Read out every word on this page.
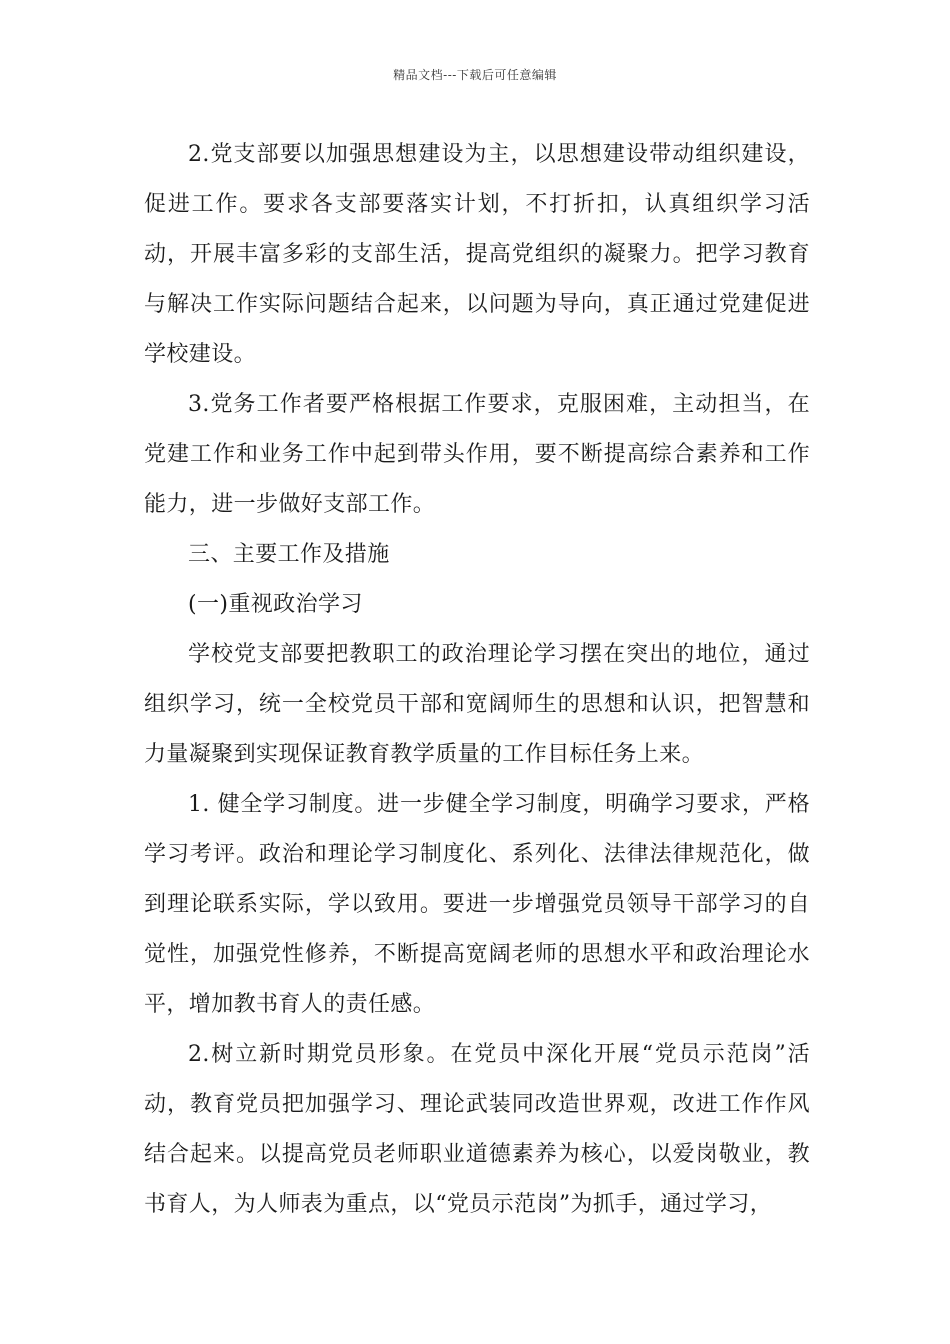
精品文档---下载后可任意编辑

2.党支部要以加强思想建设为主，以思想建设带动组织建设，促进工作。要求各支部要落实计划，不打折扣，认真组织学习活动，开展丰富多彩的支部生活，提高党组织的凝聚力。把学习教育与解决工作实际问题结合起来，以问题为导向，真正通过党建促进学校建设。

3.党务工作者要严格根据工作要求，克服困难，主动担当，在党建工作和业务工作中起到带头作用，要不断提高综合素养和工作能力，进一步做好支部工作。

三、主要工作及措施

(一)重视政治学习

学校党支部要把教职工的政治理论学习摆在突出的地位，通过组织学习，统一全校党员干部和宽阔师生的思想和认识，把智慧和力量凝聚到实现保证教育教学质量的工作目标任务上来。

1. 健全学习制度。进一步健全学习制度，明确学习要求，严格学习考评。政治和理论学习制度化、系列化、法律法律规范化，做到理论联系实际，学以致用。要进一步增强党员领导干部学习的自觉性，加强党性修养，不断提高宽阔老师的思想水平和政治理论水平，增加教书育人的责任感。

2.树立新时期党员形象。在党员中深化开展“党员示范岗”活动，教育党员把加强学习、理论武装同改造世界观，改进工作作风结合起来。以提高党员老师职业道德素养为核心，以爱岗敬业，教书育人，为人师表为重点，以“党员示范岗”为抓手，通过学习，
